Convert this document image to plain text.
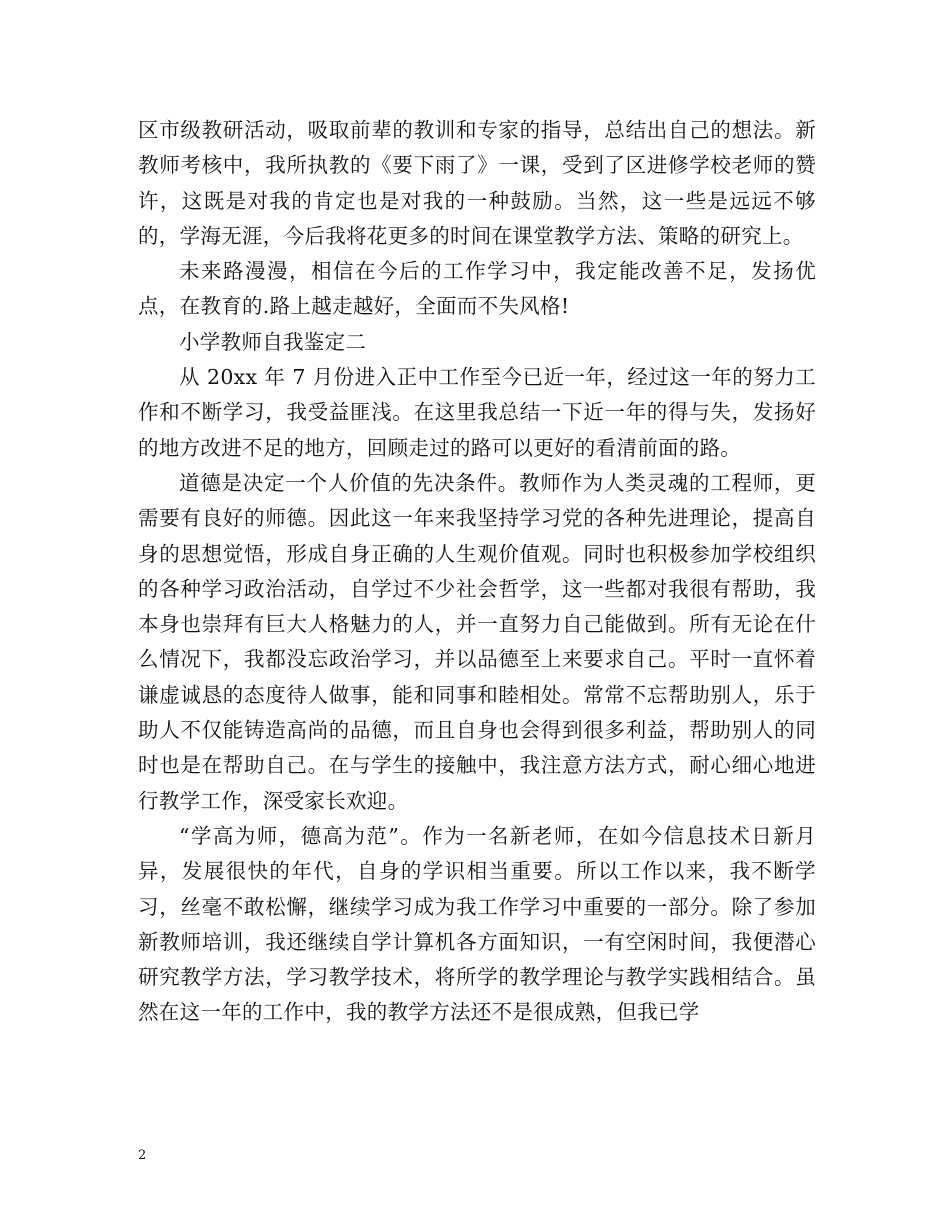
区市级教研活动，吸取前辈的教训和专家的指导，总结出自己的想法。新教师考核中，我所执教的《要下雨了》一课，受到了区进修学校老师的赞许，这既是对我的肯定也是对我的一种鼓励。当然，这一些是远远不够的，学海无涯，今后我将花更多的时间在课堂教学方法、策略的研究上。

未来路漫漫，相信在今后的工作学习中，我定能改善不足，发扬优点，在教育的.路上越走越好，全面而不失风格!

小学教师自我鉴定二

从 20xx 年 7 月份进入正中工作至今已近一年，经过这一年的努力工作和不断学习，我受益匪浅。在这里我总结一下近一年的得与失，发扬好的地方改进不足的地方，回顾走过的路可以更好的看清前面的路。

道德是决定一个人价值的先决条件。教师作为人类灵魂的工程师，更需要有良好的师德。因此这一年来我坚持学习党的各种先进理论，提高自身的思想觉悟，形成自身正确的人生观价值观。同时也积极参加学校组织的各种学习政治活动，自学过不少社会哲学，这一些都对我很有帮助，我本身也崇拜有巨大人格魅力的人，并一直努力自己能做到。所有无论在什么情况下，我都没忘政治学习，并以品德至上来要求自己。平时一直怀着谦虚诚恳的态度待人做事，能和同事和睦相处。常常不忘帮助别人，乐于助人不仅能铸造高尚的品德，而且自身也会得到很多利益，帮助别人的同时也是在帮助自己。在与学生的接触中，我注意方法方式，耐心细心地进行教学工作，深受家长欢迎。

“学高为师，德高为范”。作为一名新老师，在如今信息技术日新月异，发展很快的年代，自身的学识相当重要。所以工作以来，我不断学习，丝毫不敢松懈，继续学习成为我工作学习中重要的一部分。除了参加新教师培训，我还继续自学计算机各方面知识，一有空闲时间，我便潜心研究教学方法，学习教学技术，将所学的教学理论与教学实践相结合。虽然在这一年的工作中，我的教学方法还不是很成熟，但我已学

2
